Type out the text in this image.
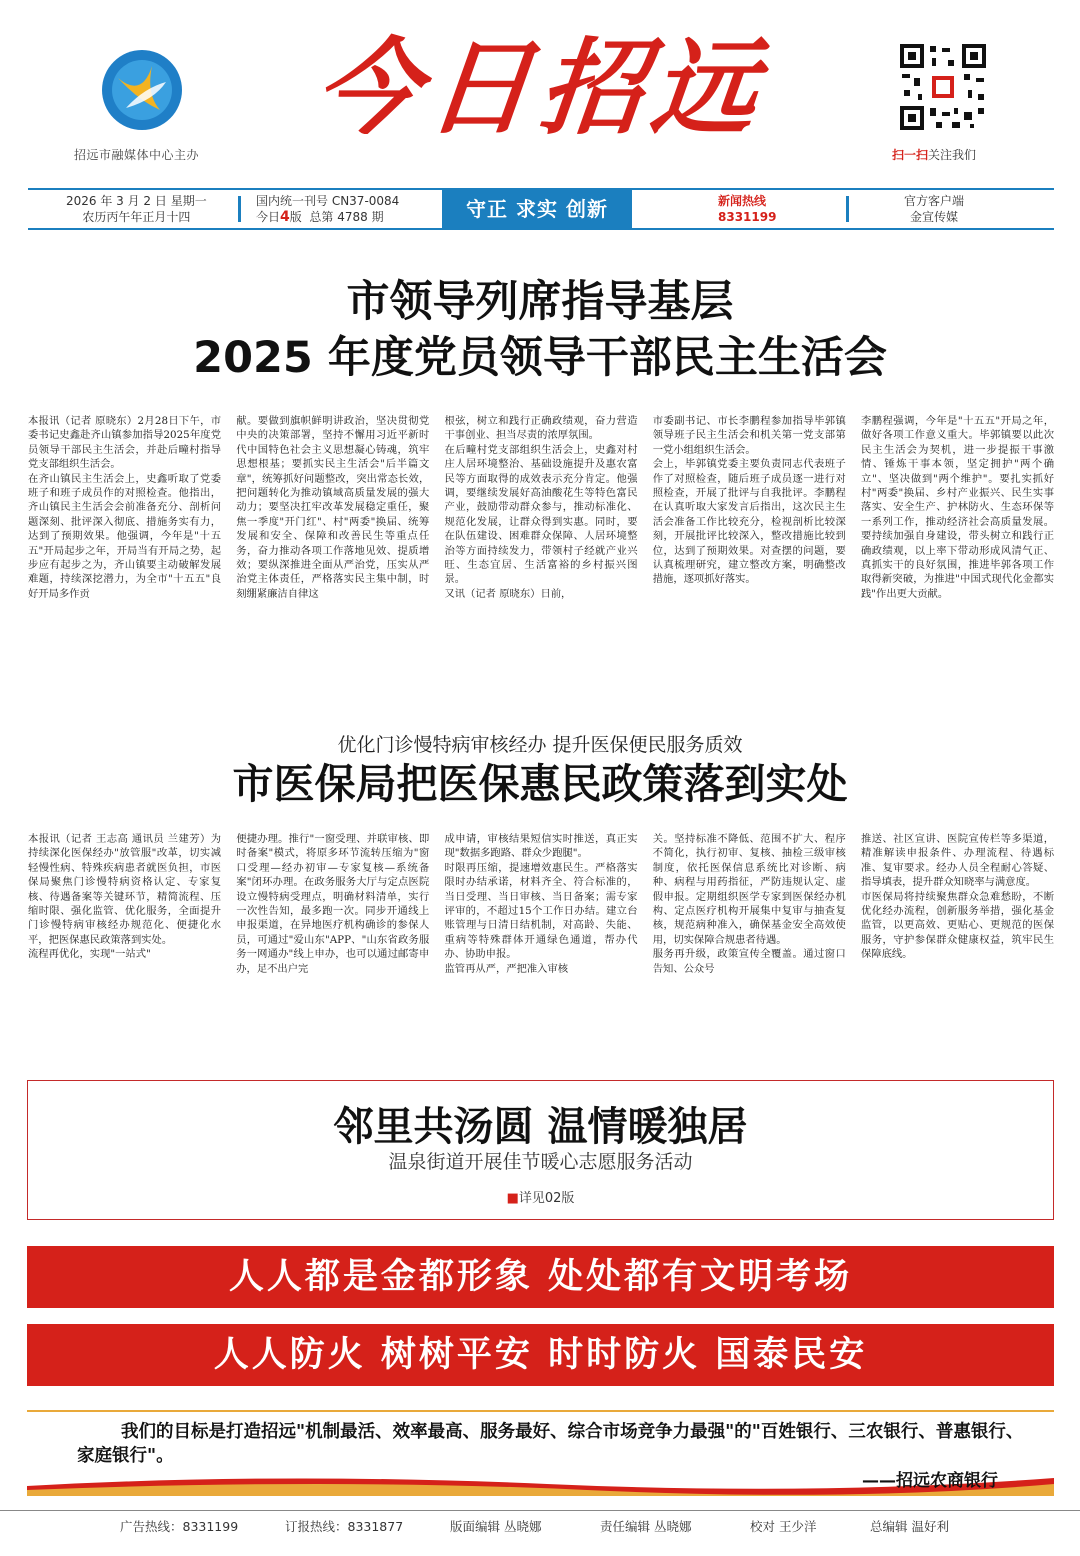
招远市融媒体中心主办
今日招远
扫一扫关注我们
2026 年 3 月 2 日 星期一
农历丙午年正月十四
国内统一刊号 CN37-0084
今日4版 总第 4788 期	守正 求实 创新	新闻热线
8331199
官方客户端
金宣传媒
市领导列席指导基层
2025 年度党员领导干部民主生活会
本报讯（记者 原晓东）2月28日下午，市委书记史鑫赴齐山镇参加指导2025年度党员领导干部民主生活会，并赴后疃村指导党支部组织生活会。
在齐山镇民主生活会上，史鑫听取了党委班子和班子成员作的对照检查。他指出，齐山镇民主生活会会前准备充分、剖析问题深刻、批评深入彻底、措施务实有力，达到了预期效果。他强调，今年是"十五五"开局起步之年，开局当有开局之势，起步应有起步之为，齐山镇要主动破解发展难题，持续深挖潜力，为全市"十五五"良好开局多作贡
献。要做到旗帜鲜明讲政治，坚决贯彻党中央的决策部署，坚持不懈用习近平新时代中国特色社会主义思想凝心铸魂，筑牢思想根基；要抓实民主生活会"后半篇文章"，统筹抓好问题整改，突出常态长效，把问题转化为推动镇域高质量发展的强大动力；要坚决扛牢改革发展稳定重任，聚焦一季度"开门红"、村"两委"换届、统筹发展和安全、保障和改善民生等重点任务，奋力推动各项工作落地见效、提质增效；要纵深推进全面从严治党，压实从严治党主体责任，严格落实民主集中制，时刻绷紧廉洁自律这
根弦，树立和践行正确政绩观，奋力营造干事创业、担当尽责的浓厚氛围。
在后疃村党支部组织生活会上，史鑫对村庄人居环境整治、基础设施提升及惠农富民等方面取得的成效表示充分肯定。他强调，要继续发展好高油酸花生等特色富民产业，鼓励带动群众参与，推动标准化、规范化发展，让群众得到实惠。同时，要在队伍建设、困难群众保障、人居环境整治等方面持续发力，带领村子经就产业兴旺、生态宜居、生活富裕的乡村振兴图景。
又讯（记者 原晓东）日前，
市委副书记、市长李鹏程参加指导毕郭镇领导班子民主生活会和机关第一党支部第一党小组组织生活会。
会上，毕郭镇党委主要负责同志代表班子作了对照检查，随后班子成员逐一进行对照检查，开展了批评与自我批评。李鹏程在认真听取大家发言后指出，这次民主生活会准备工作比较充分，检视剖析比较深刻，开展批评比较深入，整改措施比较到位，达到了预期效果。对查摆的问题，要认真梳理研究，建立整改方案，明确整改措施，逐项抓好落实。
李鹏程强调，今年是"十五五"开局之年，做好各项工作意义重大。毕郭镇要以此次民主生活会为契机，进一步提振干事激情、锤炼干事本领，坚定拥护"两个确立"、坚决做到"两个维护"。要扎实抓好村"两委"换届、乡村产业振兴、民生实事落实、安全生产、护林防火、生态环保等一系列工作，推动经济社会高质量发展。要持续加强自身建设，带头树立和践行正确政绩观，以上率下带动形成风清气正、真抓实干的良好氛围，推进毕郭各项工作取得新突破，为推进"中国式现代化金都实践"作出更大贡献。
优化门诊慢特病审核经办 提升医保便民服务质效
市医保局把医保惠民政策落到实处
本报讯（记者 王志高 通讯员 兰建芳）为持续深化医保经办"放管服"改革，切实减轻慢性病、特殊疾病患者就医负担，市医保局聚焦门诊慢特病资格认定、专家复核、待遇备案等关键环节，精简流程、压缩时限、强化监管、优化服务，全面提升门诊慢特病审核经办规范化、便捷化水平，把医保惠民政策落到实处。
流程再优化，实现"一站式"
便捷办理。推行"一窗受理、并联审核、即时备案"模式，将原多环节流转压缩为"窗口受理—经办初审—专家复核—系统备案"闭环办理。在政务服务大厅与定点医院设立慢特病受理点，明确材料清单，实行一次性告知，最多跑一次。同步开通线上申报渠道，在异地医疗机构确诊的参保人员，可通过"爱山东"APP、"山东省政务服务一网通办"线上申办，也可以通过邮寄申办，足不出户完
成申请，审核结果短信实时推送，真正实现"数据多跑路、群众少跑腿"。
时限再压缩，提速增效惠民生。严格落实限时办结承诺，材料齐全、符合标准的，当日受理、当日审核、当日备案；需专家评审的，不超过15个工作日办结。建立台账管理与日清日结机制，对高龄、失能、重病等特殊群体开通绿色通道，帮办代办、协助申报。
监管再从严，严把准入审核
关。坚持标准不降低、范围不扩大、程序不简化，执行初审、复核、抽检三级审核制度，依托医保信息系统比对诊断、病种、病程与用药指征，严防违规认定、虚假申报。定期组织医学专家到医保经办机构、定点医疗机构开展集中复审与抽查复核，规范病种准入，确保基金安全高效使用，切实保障合规患者待遇。
服务再升级，政策宣传全覆盖。通过窗口告知、公众号
推送、社区宣讲、医院宣传栏等多渠道，精准解读申报条件、办理流程、待遇标准、复审要求。经办人员全程耐心答疑、指导填表，提升群众知晓率与满意度。
市医保局将持续聚焦群众急难愁盼，不断优化经办流程，创新服务举措，强化基金监管，以更高效、更贴心、更规范的医保服务，守护参保群众健康权益，筑牢民生保障底线。
邻里共汤圆 温情暖独居
温泉街道开展佳节暖心志愿服务活动
■详见02版
人人都是金都形象 处处都有文明考场
人人防火 树树平安 时时防火 国泰民安
我们的目标是打造招远"机制最活、效率最高、服务最好、综合市场竞争力最强"的"百姓银行、三农银行、普惠银行、家庭银行"。
——招远农商银行
广告热线：8331199	订报热线：8331877	版面编辑 丛晓娜	责任编辑 丛晓娜	校对 王少洋	总编辑 温好利
